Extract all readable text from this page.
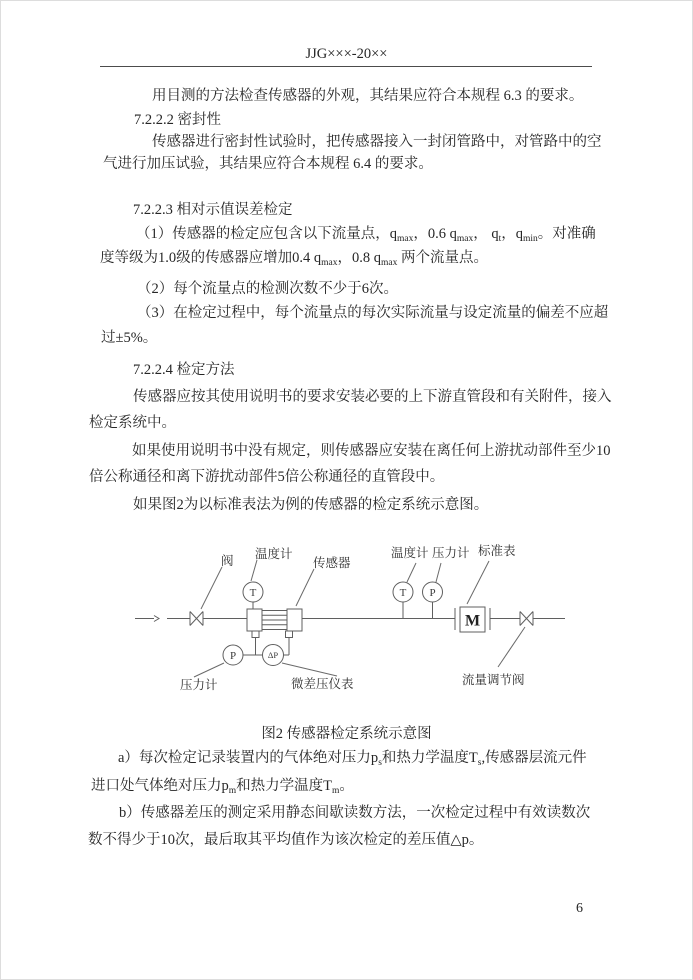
JJG×××-20××
用目测的方法检查传感器的外观，其结果应符合本规程 6.3 的要求。
7.2.2.2 密封性
传感器进行密封性试验时，把传感器接入一封闭管路中，对管路中的空
气进行加压试验，其结果应符合本规程 6.4 的要求。
7.2.2.3 相对示值误差检定
（1）传感器的检定应包含以下流量点，$q_{max}$，0.6 $q_{max}$， $q_t$，$q_{min}$。对准确
度等级为1.0级的传感器应增加0.4 $q_{max}$，0.8 $q_{max}$ 两个流量点。
（2）每个流量点的检测次数不少于6次。
（3）在检定过程中，每个流量点的每次实际流量与设定流量的偏差不应超
过±5%。
7.2.2.4 检定方法
传感器应按其使用说明书的要求安装必要的上下游直管段和有关附件，接入
检定系统中。
如果使用说明书中没有规定，则传感器应安装在离任何上游扰动部件至少10
倍公称通径和离下游扰动部件5倍公称通径的直管段中。
如果图2为以标准表法为例的传感器的检定系统示意图。
阀 温度计
传感器
温度计 压力计 标准表
压力计	微差压仪表	流量调节阀
T
P	ΔP
T P
M
图2 传感器检定系统示意图
a）每次检定记录装置内的气体绝对压力$p_s$和热力学温度$T_s$,传感器层流元件
进口处气体绝对压力$p_m$和热力学温度$T_m$。
b）传感器差压的测定采用静态间歇读数方法，一次检定过程中有效读数次
数不得少于10次，最后取其平均值作为该次检定的差压值△p。
6
